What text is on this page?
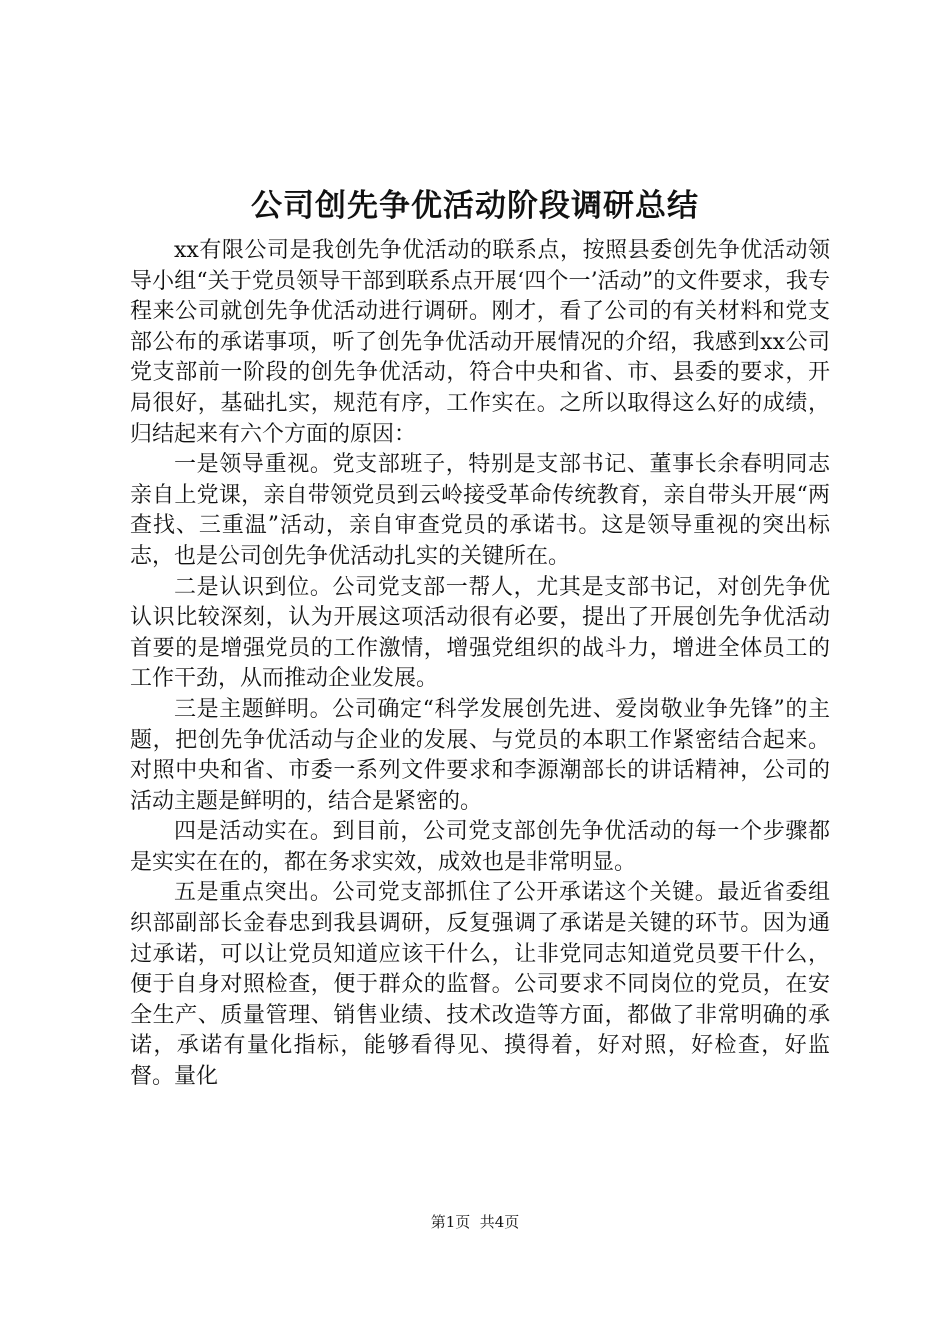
公司创先争优活动阶段调研总结

xx有限公司是我创先争优活动的联系点，按照县委创先争优活动领导小组“关于党员领导干部到联系点开展‘四个一’活动”的文件要求，我专程来公司就创先争优活动进行调研。刚才，看了公司的有关材料和党支部公布的承诺事项，听了创先争优活动开展情况的介绍，我感到xx公司党支部前一阶段的创先争优活动，符合中央和省、市、县委的要求，开局很好，基础扎实，规范有序，工作实在。之所以取得这么好的成绩，归结起来有六个方面的原因：

一是领导重视。党支部班子，特别是支部书记、董事长余春明同志亲自上党课，亲自带领党员到云岭接受革命传统教育，亲自带头开展“两查找、三重温”活动，亲自审查党员的承诺书。这是领导重视的突出标志，也是公司创先争优活动扎实的关键所在。

二是认识到位。公司党支部一帮人，尤其是支部书记，对创先争优认识比较深刻，认为开展这项活动很有必要，提出了开展创先争优活动首要的是增强党员的工作激情，增强党组织的战斗力，增进全体员工的工作干劲，从而推动企业发展。

三是主题鲜明。公司确定“科学发展创先进、爱岗敬业争先锋”的主题，把创先争优活动与企业的发展、与党员的本职工作紧密结合起来。对照中央和省、市委一系列文件要求和李源潮部长的讲话精神，公司的活动主题是鲜明的，结合是紧密的。

四是活动实在。到目前，公司党支部创先争优活动的每一个步骤都是实实在在的，都在务求实效，成效也是非常明显。

五是重点突出。公司党支部抓住了公开承诺这个关键。最近省委组织部副部长金春忠到我县调研，反复强调了承诺是关键的环节。因为通过承诺，可以让党员知道应该干什么，让非党同志知道党员要干什么，便于自身对照检查，便于群众的监督。公司要求不同岗位的党员，在安全生产、质量管理、销售业绩、技术改造等方面，都做了非常明确的承诺，承诺有量化指标，能够看得见、摸得着，好对照，好检查，好监督。量化

第1页  共4页
